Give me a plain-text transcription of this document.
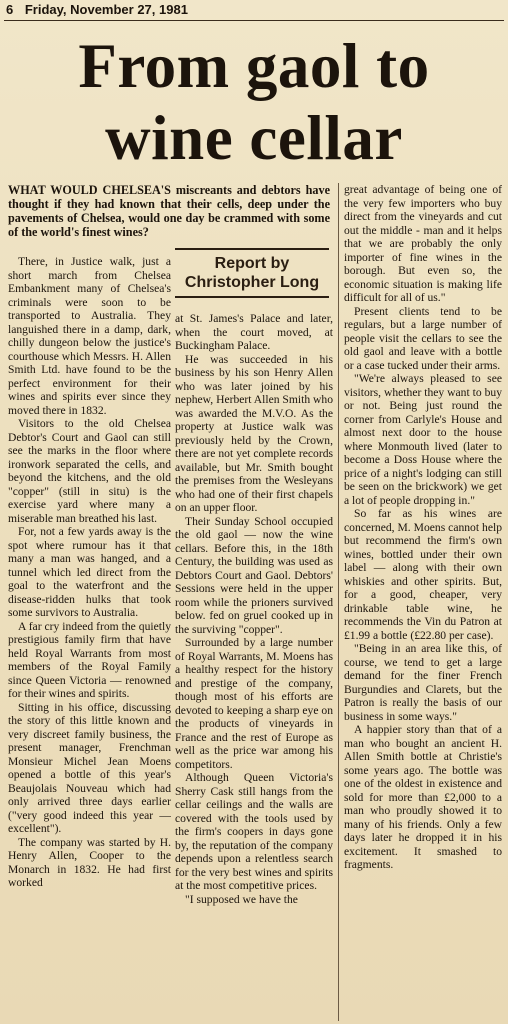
6 Friday, November 27, 1981
From gaol to
wine cellar
WHAT WOULD CHELSEA'S miscreants and debtors have thought if they had known that their cells, deep under the pavements of Chelsea, would one day be crammed with some of the world's finest wines?
Report by
Christopher Long

There, in Justice walk, just a short march from Chelsea Embankment many of Chelsea's criminals were soon to be transported to Australia. They languished there in a damp, dark, chilly dungeon below the justice's courthouse which Messrs. H. Allen Smith Ltd. have found to be the perfect environment for their wines and spirits ever since they moved there in 1832.

Visitors to the old Chelsea Debtor's Court and Gaol can still see the marks in the floor where ironwork separated the cells, and beyond the kitchens, and the old "copper" (still in situ) is the exercise yard where many a miserable man breathed his last.

For, not a few yards away is the spot where rumour has it that many a man was hanged, and a tunnel which led direct from the goal to the waterfront and the disease-ridden hulks that took some survivors to Australia.

A far cry indeed from the quietly prestigious family firm that have held Royal Warrants from most members of the Royal Family since Queen Victoria — renowned for their wines and spirits.

Sitting in his office, discussing the story of this little known and very discreet family business, the present manager, Frenchman Monsieur Michel Jean Moens opened a bottle of this year's Beaujolais Nouveau which had only arrived three days earlier ("very good indeed this year — excellent").

The company was started by H. Henry Allen, Cooper to the Monarch in 1832. He had first worked

at St. James's Palace and later, when the court moved, at Buckingham Palace.

He was succeeded in his business by his son Henry Allen who was later joined by his nephew, Herbert Allen Smith who was awarded the M.V.O. As the property at Justice walk was previously held by the Crown, there are not yet complete records available, but Mr. Smith bought the premises from the Wesleyans who had one of their first chapels on an upper floor.

Their Sunday School occupied the old gaol — now the wine cellars. Before this, in the 18th Century, the building was used as Debtors Court and Gaol. Debtors' Sessions were held in the upper room while the prioners survived below. fed on gruel cooked up in the surviving "copper".

Surrounded by a large number of Royal Warrants, M. Moens has a healthy respect for the history and prestige of the company, though most of his efforts are devoted to keeping a sharp eye on the products of vineyards in France and the rest of Europe as well as the price war among his competitors.

Although Queen Victoria's Sherry Cask still hangs from the cellar ceilings and the walls are covered with the tools used by the firm's coopers in days gone by, the reputation of the company depends upon a relentless search for the very best wines and spirits at the most competitive prices.

"I supposed we have the

great advantage of being one of the very few importers who buy direct from the vineyards and cut out the middle - man and it helps that we are probably the only importer of fine wines in the borough. But even so, the economic situation is making life difficult for all of us."

Present clients tend to be regulars, but a large number of people visit the cellars to see the old gaol and leave with a bottle or a case tucked under their arms.

"We're always pleased to see visitors, whether they want to buy or not. Being just round the corner from Carlyle's House and almost next door to the house where Monmouth lived (later to become a Doss House where the price of a night's lodging can still be seen on the brickwork) we get a lot of people dropping in."

So far as his wines are concerned, M. Moens cannot help but recommend the firm's own wines, bottled under their own label — along with their own whiskies and other spirits. But, for a good, cheaper, very drinkable table wine, he recommends the Vin du Patron at £1.99 a bottle (£22.80 per case).

"Being in an area like this, of course, we tend to get a large demand for the finer French Burgundies and Clarets, but the Patron is really the basis of our business in some ways."

A happier story than that of a man who bought an ancient H. Allen Smith bottle at Christie's some years ago. The bottle was one of the oldest in existence and sold for more than £2,000 to a man who proudly showed it to many of his friends. Only a few days later he dropped it in his excitement. It smashed to fragments.
